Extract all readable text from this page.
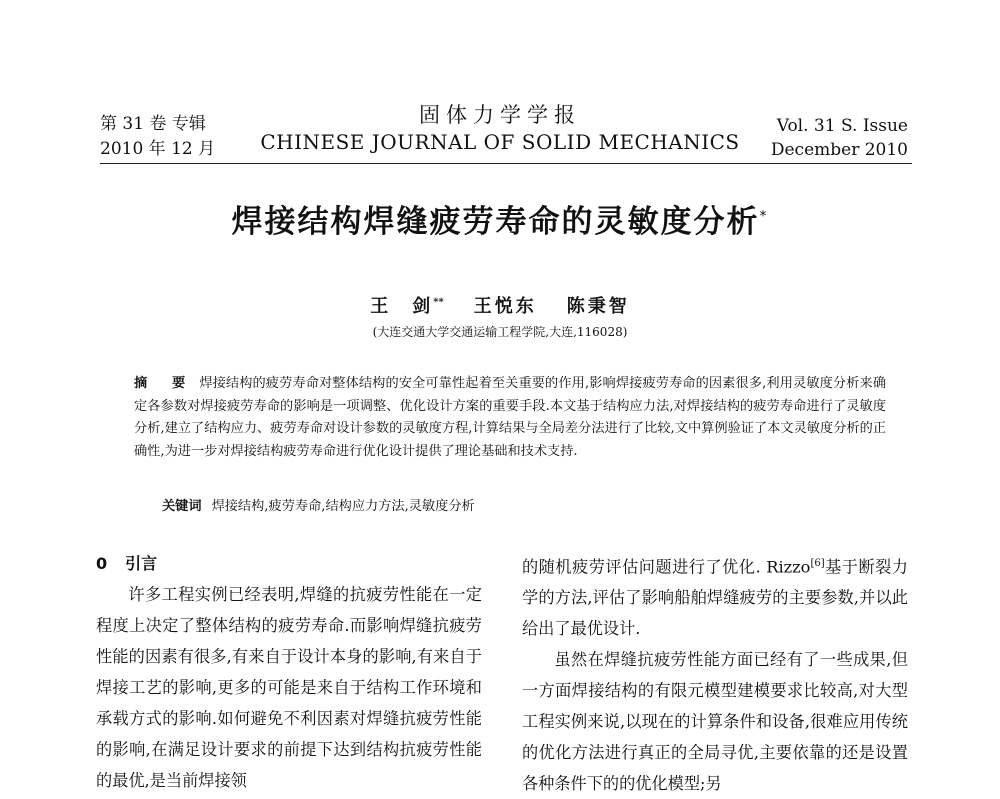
第 31 卷 专辑
2010 年 12 月
固体力学学报
CHINESE JOURNAL OF SOLID MECHANICS
Vol. 31 S. Issue
December 2010
焊接结构焊缝疲劳寿命的灵敏度分析*
王　剑** 王悦东 陈秉智
(大连交通大学交通运输工程学院,大连,116028)
摘 要 焊接结构的疲劳寿命对整体结构的安全可靠性起着至关重要的作用,影响焊接疲劳寿命的因素很多,利用灵敏度分析来确定各参数对焊接疲劳寿命的影响是一项调整、优化设计方案的重要手段.本文基于结构应力法,对焊接结构的疲劳寿命进行了灵敏度分析,建立了结构应力、疲劳寿命对设计参数的灵敏度方程,计算结果与全局差分法进行了比较,文中算例验证了本文灵敏度分析的正确性,为进一步对焊接结构疲劳寿命进行优化设计提供了理论基础和技术支持.
关键词 焊接结构,疲劳寿命,结构应力方法,灵敏度分析
0 引言

许多工程实例已经表明,焊缝的抗疲劳性能在一定程度上决定了整体结构的疲劳寿命.而影响焊缝抗疲劳性能的因素有很多,有来自于设计本身的影响,有来自于焊接工艺的影响,更多的可能是来自于结构工作环境和承载方式的影响.如何避免不利因素对焊缝抗疲劳性能的影响,在满足设计要求的前提下达到结构抗疲劳性能的最优,是当前焊接领

的随机疲劳评估问题进行了优化. Rizzo[6]基于断裂力学的方法,评估了影响船舶焊缝疲劳的主要参数,并以此给出了最优设计.

虽然在焊缝抗疲劳性能方面已经有了一些成果,但一方面焊接结构的有限元模型建模要求比较高,对大型工程实例来说,以现在的计算条件和设备,很难应用传统的优化方法进行真正的全局寻优,主要依靠的还是设置各种条件下的的优化模型;另
